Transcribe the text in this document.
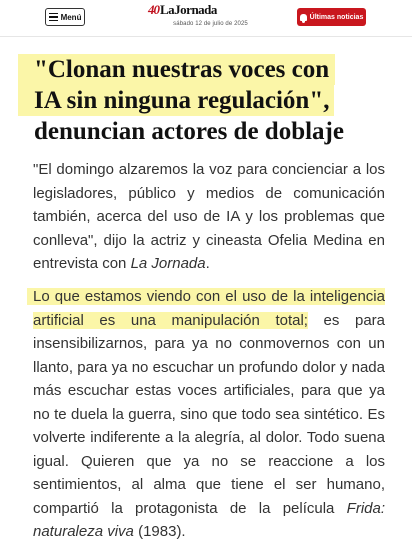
Menú	40 LaJornada
sábado 12 de julio de 2025
Últimas noticias
"Clonan nuestras voces con
IA sin ninguna regulación",
denuncian actores de doblaje

"El domingo alzaremos la voz para concienciar a los legisladores, público y medios de comunicación también, acerca del uso de IA y los problemas que conlleva", dijo la actriz y cineasta Ofelia Medina en entrevista con La Jornada.

Lo que estamos viendo con el uso de la inteligencia artificial es una manipulación total; es para insensibilizarnos, para ya no conmovernos con un llanto, para ya no escuchar un profundo dolor y nada más escuchar estas voces artificiales, para que ya no te duela la guerra, sino que todo sea sintético. Es volverte indiferente a la alegría, al dolor. Todo suena igual. Quieren que ya no se reaccione a los sentimientos, al alma que tiene el ser humano, compartió la protagonista de la película Frida: naturaleza viva (1983).
